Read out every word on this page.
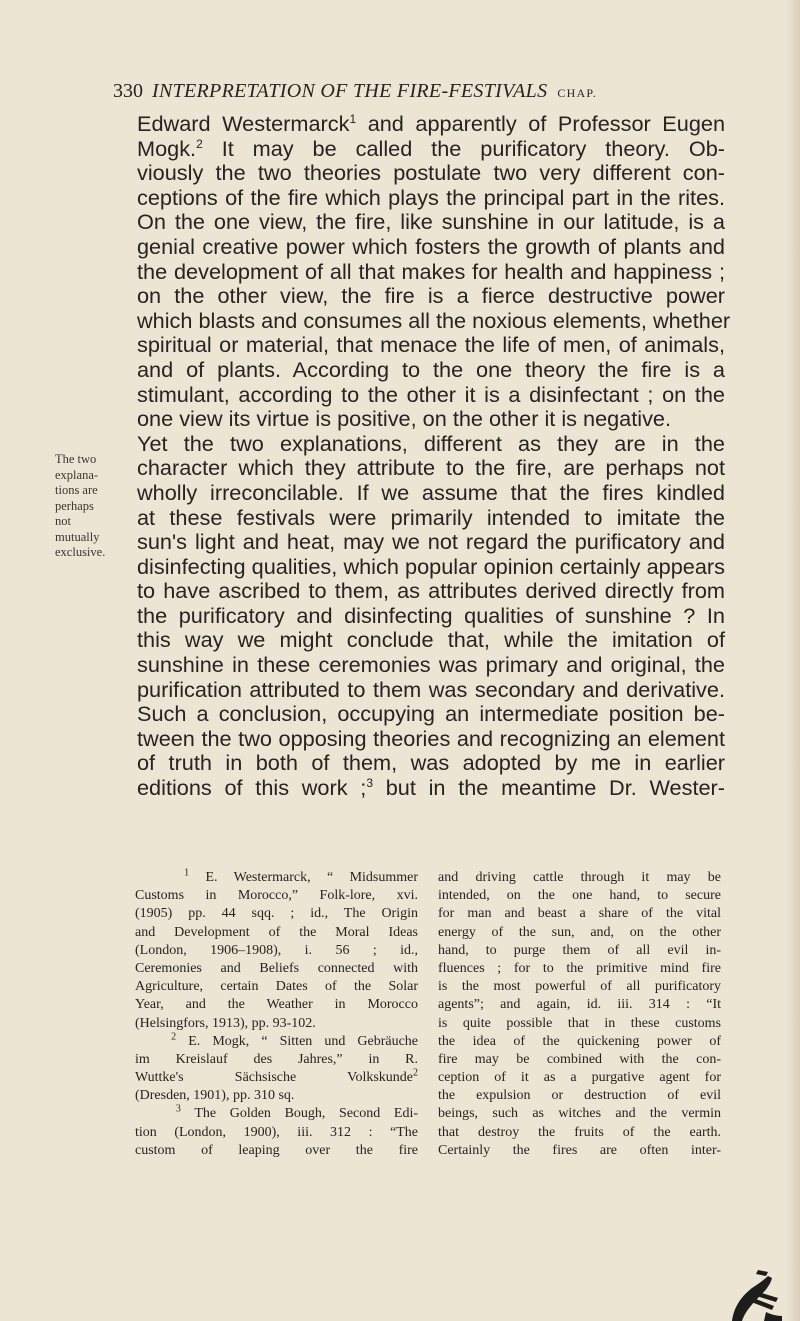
330 INTERPRETATION OF THE FIRE-FESTIVALS CHAP.
The two
explana-
tions are
perhaps
not
mutually
exclusive.
Edward Westermarck$^1$ and apparently of Professor Eugen
Mogk.$^2$ It may be called the purificatory theory. Ob-
viously the two theories postulate two very different con-
ceptions of the fire which plays the principal part in the rites.
On the one view, the fire, like sunshine in our latitude, is a
genial creative power which fosters the growth of plants and
the development of all that makes for health and happiness ;
on the other view, the fire is a fierce destructive power
which blasts and consumes all the noxious elements, whether
spiritual or material, that menace the life of men, of animals,
and of plants. According to the one theory the fire is a
stimulant, according to the other it is a disinfectant ; on the
one view its virtue is positive, on the other it is negative.
Yet the two explanations, different as they are in the
character which they attribute to the fire, are perhaps not
wholly irreconcilable. If we assume that the fires kindled
at these festivals were primarily intended to imitate the
sun's light and heat, may we not regard the purificatory and
disinfecting qualities, which popular opinion certainly appears
to have ascribed to them, as attributes derived directly from
the purificatory and disinfecting qualities of sunshine ? In
this way we might conclude that, while the imitation of
sunshine in these ceremonies was primary and original, the
purification attributed to them was secondary and derivative.
Such a conclusion, occupying an intermediate position be-
tween the two opposing theories and recognizing an element
of truth in both of them, was adopted by me in earlier
editions of this work ;$^3$ but in the meantime Dr. Wester-
$^1$ E. Westermarck, “ Midsummer
Customs in Morocco,” Folk-lore, xvi.
(1905) pp. 44 sqq. ; id., The Origin
and Development of the Moral Ideas
(London, 1906–1908), i. 56 ; id.,
Ceremonies and Beliefs connected with
Agriculture, certain Dates of the Solar
Year, and the Weather in Morocco
(Helsingfors, 1913), pp. 93-102.
$^2$ E. Mogk, “ Sitten und Gebräuche
im Kreislauf des Jahres,” in R.
Wuttke's Sächsische Volkskunde$^2$
(Dresden, 1901), pp. 310 sq.
$^3$ The Golden Bough, Second Edi-
tion (London, 1900), iii. 312 : “The
custom of leaping over the fire
and driving cattle through it may be
intended, on the one hand, to secure
for man and beast a share of the vital
energy of the sun, and, on the other
hand, to purge them of all evil in-
fluences ; for to the primitive mind fire
is the most powerful of all purificatory
agents”; and again, id. iii. 314 : “It
is quite possible that in these customs
the idea of the quickening power of
fire may be combined with the con-
ception of it as a purgative agent for
the expulsion or destruction of evil
beings, such as witches and the vermin
that destroy the fruits of the earth.
Certainly the fires are often inter-
